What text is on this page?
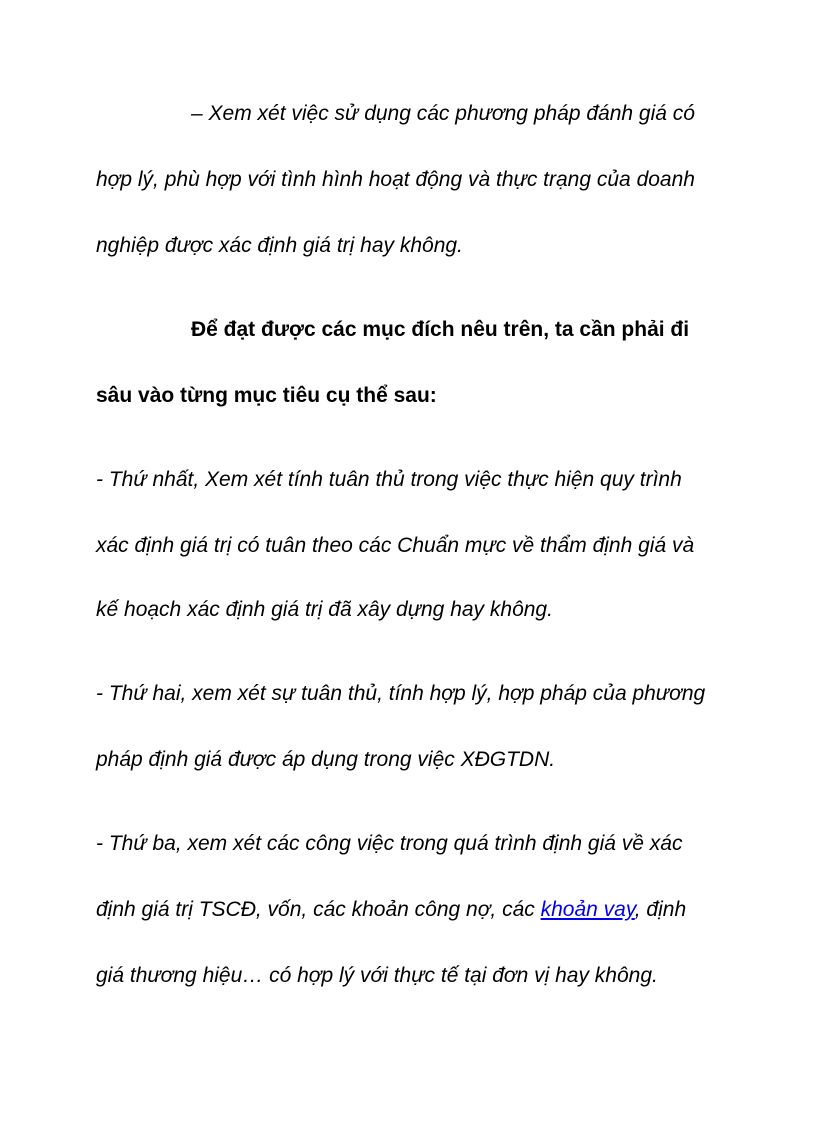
– Xem xét việc sử dụng các phương pháp đánh giá có
hợp lý, phù hợp với tình hình hoạt động và thực trạng của doanh
nghiệp được xác định giá trị hay không.
Để đạt được các mục đích nêu trên, ta cần phải đi
sâu vào từng mục tiêu cụ thể sau:
- Thứ nhất, Xem xét tính tuân thủ trong việc thực hiện quy trình
xác định giá trị có tuân theo các Chuẩn mực về thẩm định giá và
kế hoạch xác định giá trị đã xây dựng hay không.
- Thứ hai, xem xét sự tuân thủ, tính hợp lý, hợp pháp của phương
pháp định giá được áp dụng trong việc XĐGTDN.
- Thứ ba, xem xét các công việc trong quá trình định giá về xác
định giá trị TSCĐ, vốn, các khoản công nợ, các khoản vay, định
giá thương hiệu… có hợp lý với thực tế tại đơn vị hay không.
